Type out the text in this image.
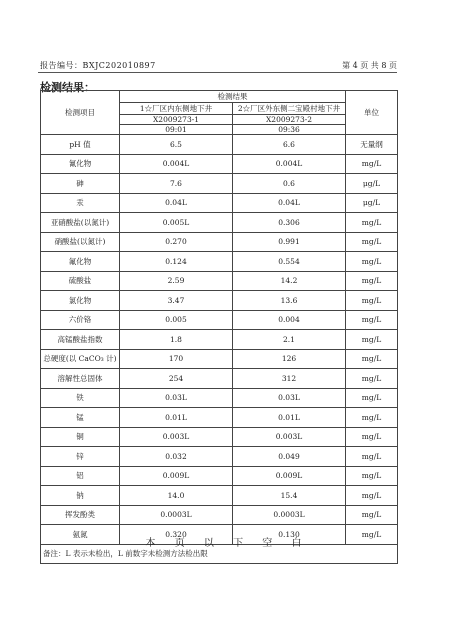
报告编号：BXJC202010897	第 4 页 共 8 页
检测结果：
检测项目	检测结果		单位
	1☆厂区内东侧地下井	2☆厂区外东侧二宝殿村地下井	
	X2009273-1	X2009273-2	
	09:01	09:36	
pH 值	6.5	6.6	无量纲
氰化物	0.004L	0.004L	mg/L
砷	7.6	0.6	μg/L
汞	0.04L	0.04L	μg/L
亚硝酸盐(以氮计)	0.005L	0.306	mg/L
硝酸盐(以氮计)	0.270	0.991	mg/L
氟化物	0.124	0.554	mg/L
硫酸盐	2.59	14.2	mg/L
氯化物	3.47	13.6	mg/L
六价铬	0.005	0.004	mg/L
高锰酸盐指数	1.8	2.1	mg/L
总硬度(以 CaCO₃ 计)	170	126	mg/L
溶解性总固体	254	312	mg/L
铁	0.03L	0.03L	mg/L
锰	0.01L	0.01L	mg/L
铜	0.003L	0.003L	mg/L
锌	0.032	0.049	mg/L
铝	0.009L	0.009L	mg/L
钠	14.0	15.4	mg/L
挥发酚类	0.0003L	0.0003L	mg/L
氨氮	0.320	0.130	mg/L
备注：L 表示未检出，L 前数字未检测方法检出限			
本 页 以 下 空 白
